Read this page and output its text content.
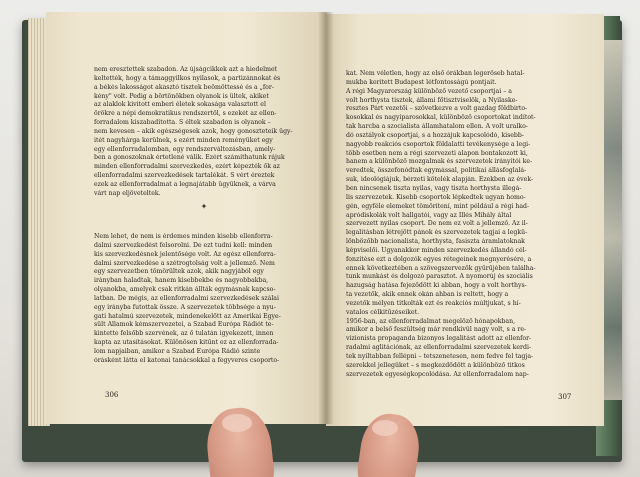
nem eresztettek szabadon. Az újságcikkek azt a hiedelmet
keltették, hogy a támaggyilkos nyilasok, a partizánnokat és
a békés lakosságot akasztó tisztek beömöttessé és a „for-
kény" volt. Pedig a börtönökben olyanok is ültek, akiket
az alaklok kivitott emberi életek sokasága valasztott el
örökre a népi demokratikus rendszertől, s ezekét az ellen-
forradalom kiszabadította. S éltek szabadon is olyanok –
nem kevesen – akik egészségesek azok, hogy gonoszteteik ügy-
itét nagyhárga kerülnek, s ezért minden reményüket egy
egy ellenforradalomban, egy rendszerváltozásban, amely-
ben a gonoszoknak értetlené válik. Ezért számíthatunk rájuk
minden ellenforradalmi szervezkedés, ezért képezték ők az
ellenforradalmi szervezkedések tartalékát. S vért éreztek
ezek az ellenforradalmat a legnajátabb ügyüknek, a várva
várt nap eljöveteltek.
✦
Nem lehet, de nem is érdemes minden kisebb ellenforra-
dalmi szervezkedést felsorolni. De ezt tudni kell: minden
kis szervezkedésnek jelentősége volt. Az egész ellenforra-
dalmi szervezkedése a szétrogtolság volt a jellemző. Nem
egy szervezetben tömörültek azok, akik nagyjából egy
irányban haladtak, hanem kisebbekbe és nagyobbakba,
olyanokba, amelyek csak ritkán állták egymásnak kapcso-
latban. De mégis, az ellenforradalmi szervezkedések szálai
egy irányba futottak össze. A szervezetek többsége a nyu-
gati hatalmú szervezetek, mindenekelőtt az Amerikai Egye-
sült Államok kémszervezetei, a Szabad Európa Rádiót te-
kintette felsőbb szervének, az ő tulatán igyekezett, innen
kapta az utasításokat. Különösen kitűnt ez az ellenforrada-
lom napjaiban, amikor a Szabad Európa Rádió szinte
órásként látta el katonai tanácsokkal a fegyveres csoporto-
kat. Nem véletlen, hogy az első órákban legerőseb hatal-
mukba kerített Budapest létfontosságú pontjait.
A régi Magyarország különböző vezető csoportjai – a
volt horthysta tisztek, állami főtisztviselők, a Nyilaske-
resztes Párt vezetői – szövetkezve a volt gazdag földbirto-
kosokkal és nagyiparosokkal, különböző csoportokat indítot-
tak harcba a szocialista államhatalom ellen. A volt uralko-
dó osztályok csoportjai, s a hozzájuk kapcsolódó, kisebb-
nagyobb reakciós csoportok földalatti tevékenysége a legi-
több esetben nem a régi szervezeti alapon bontakozott ki,
hanem a különböző mozgalmak és szervezetek irányítói ke-
veredtek, összefonódtak egymással, politikai állásfoglalá-
suk, ideológiájuk, bérzeti kötelék alapján. Ezekben az évek-
ben nincsenek tiszta nyilas, vagy tiszta horthysta illegá-
lis szervezetek. Kisebb csoportok lépkedtek ugyan homo-
gén, egyféle elemeket tömörítení, mint például a régi had-
apródiskolák volt hallgatói, vagy az Illés Mihály által
szervezett nyilas csoport. De nem ez volt a jellemző. Az il-
legalitásban létrejött pánok és szervezetek tagjai a legkü-
lönbözőbb nacionalista, horthysta, fasiszta áramlatoknak
képviselői. Ugyanakkor minden szervezkedés állandó cél-
fonzítése ezt a dolgozók egyes rétegeinek megnyerésére, a
ennek következtében a szövegszervezők gyűrűjében találha-
tunk munkást és dolgozó parasztot. A nyomorúj és szociális
hazugság hatása fejeződött ki abban, hogy a volt horthys-
ta vezetők, akik ennek okán ahban is reltett, hogy a
vezetők mélyen titkolták ezt és reakciós múltjukat, s hí-
vatalos célkitűzéseiket.
1956-ban, az ellenforradalmat megelőző hónapokban,
amikor a belső feszültség már rendkívül nagy volt, s a re-
vizionista propaganda bizonyos legalitást adott az ellenfor-
radalmi aglitációnak, az ellenforradalmi szervezetek kerdi-
tek nyiltabban fellépni – tetszenetesen, nem fedve fel tagja-
szerekkel jellegüket – s megkezdődött a különböző titkos
szervezetek egyeségkopcolódása. Az ellenforradalom nap-
306	307
